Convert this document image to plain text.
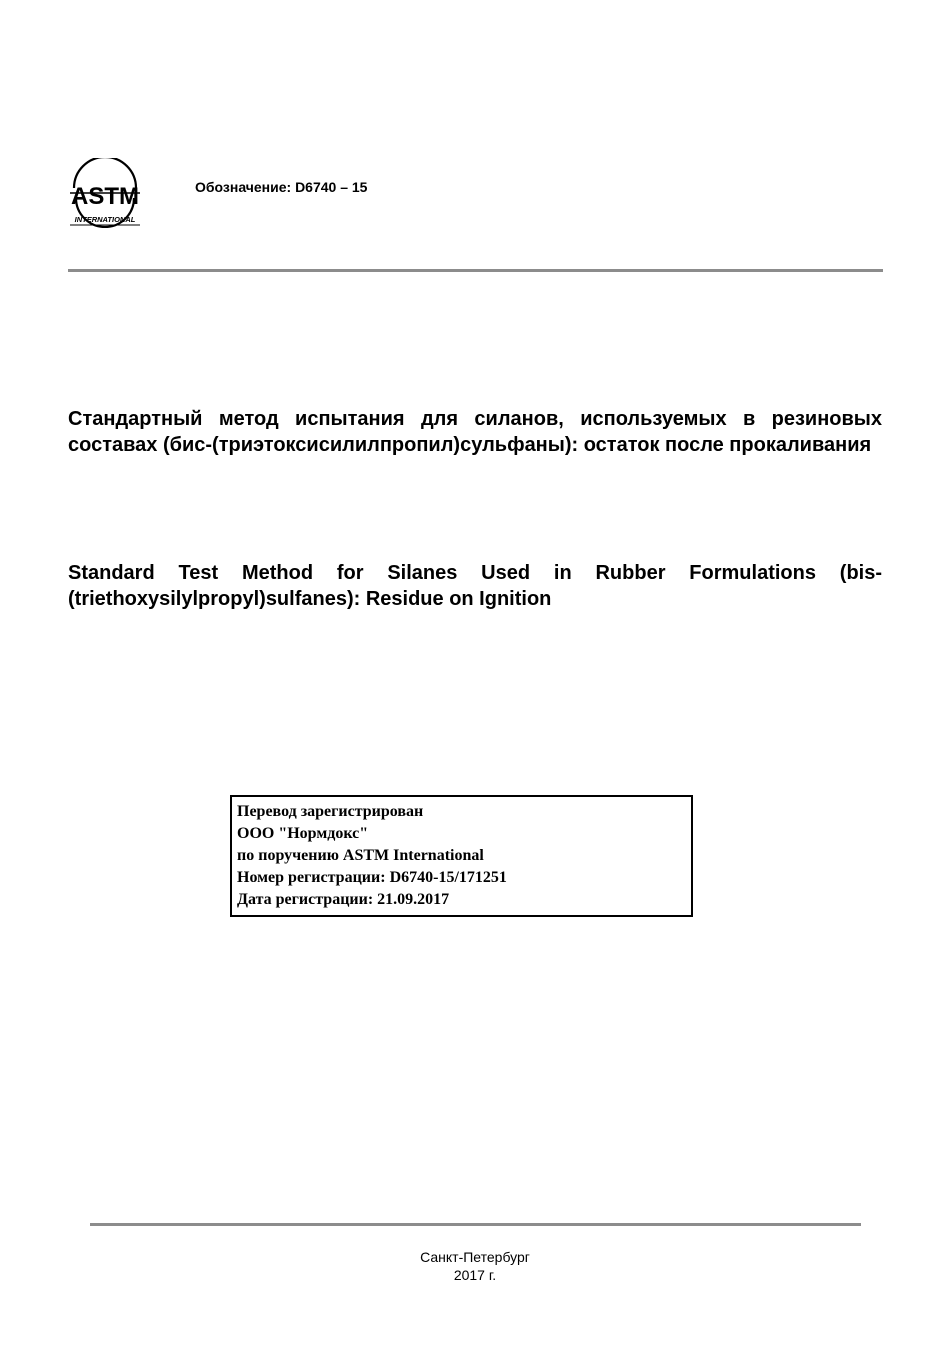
ASTM
INTERNATIONAL
Обозначение: D6740 – 15
Стандартный метод испытания для силанов, используемых в резиновых составах (бис-(триэтоксисилилпропил)сульфаны): остаток после прокаливания
Standard Test Method for Silanes Used in Rubber Formulations (bis-(triethoxysilylpropyl)sulfanes): Residue on Ignition
Перевод зарегистрирован
ООО "Нормдокс"
по поручению ASTM International
Номер регистрации: D6740-15/171251
Дата регистрации: 21.09.2017
Санкт-Петербург
2017 г.
